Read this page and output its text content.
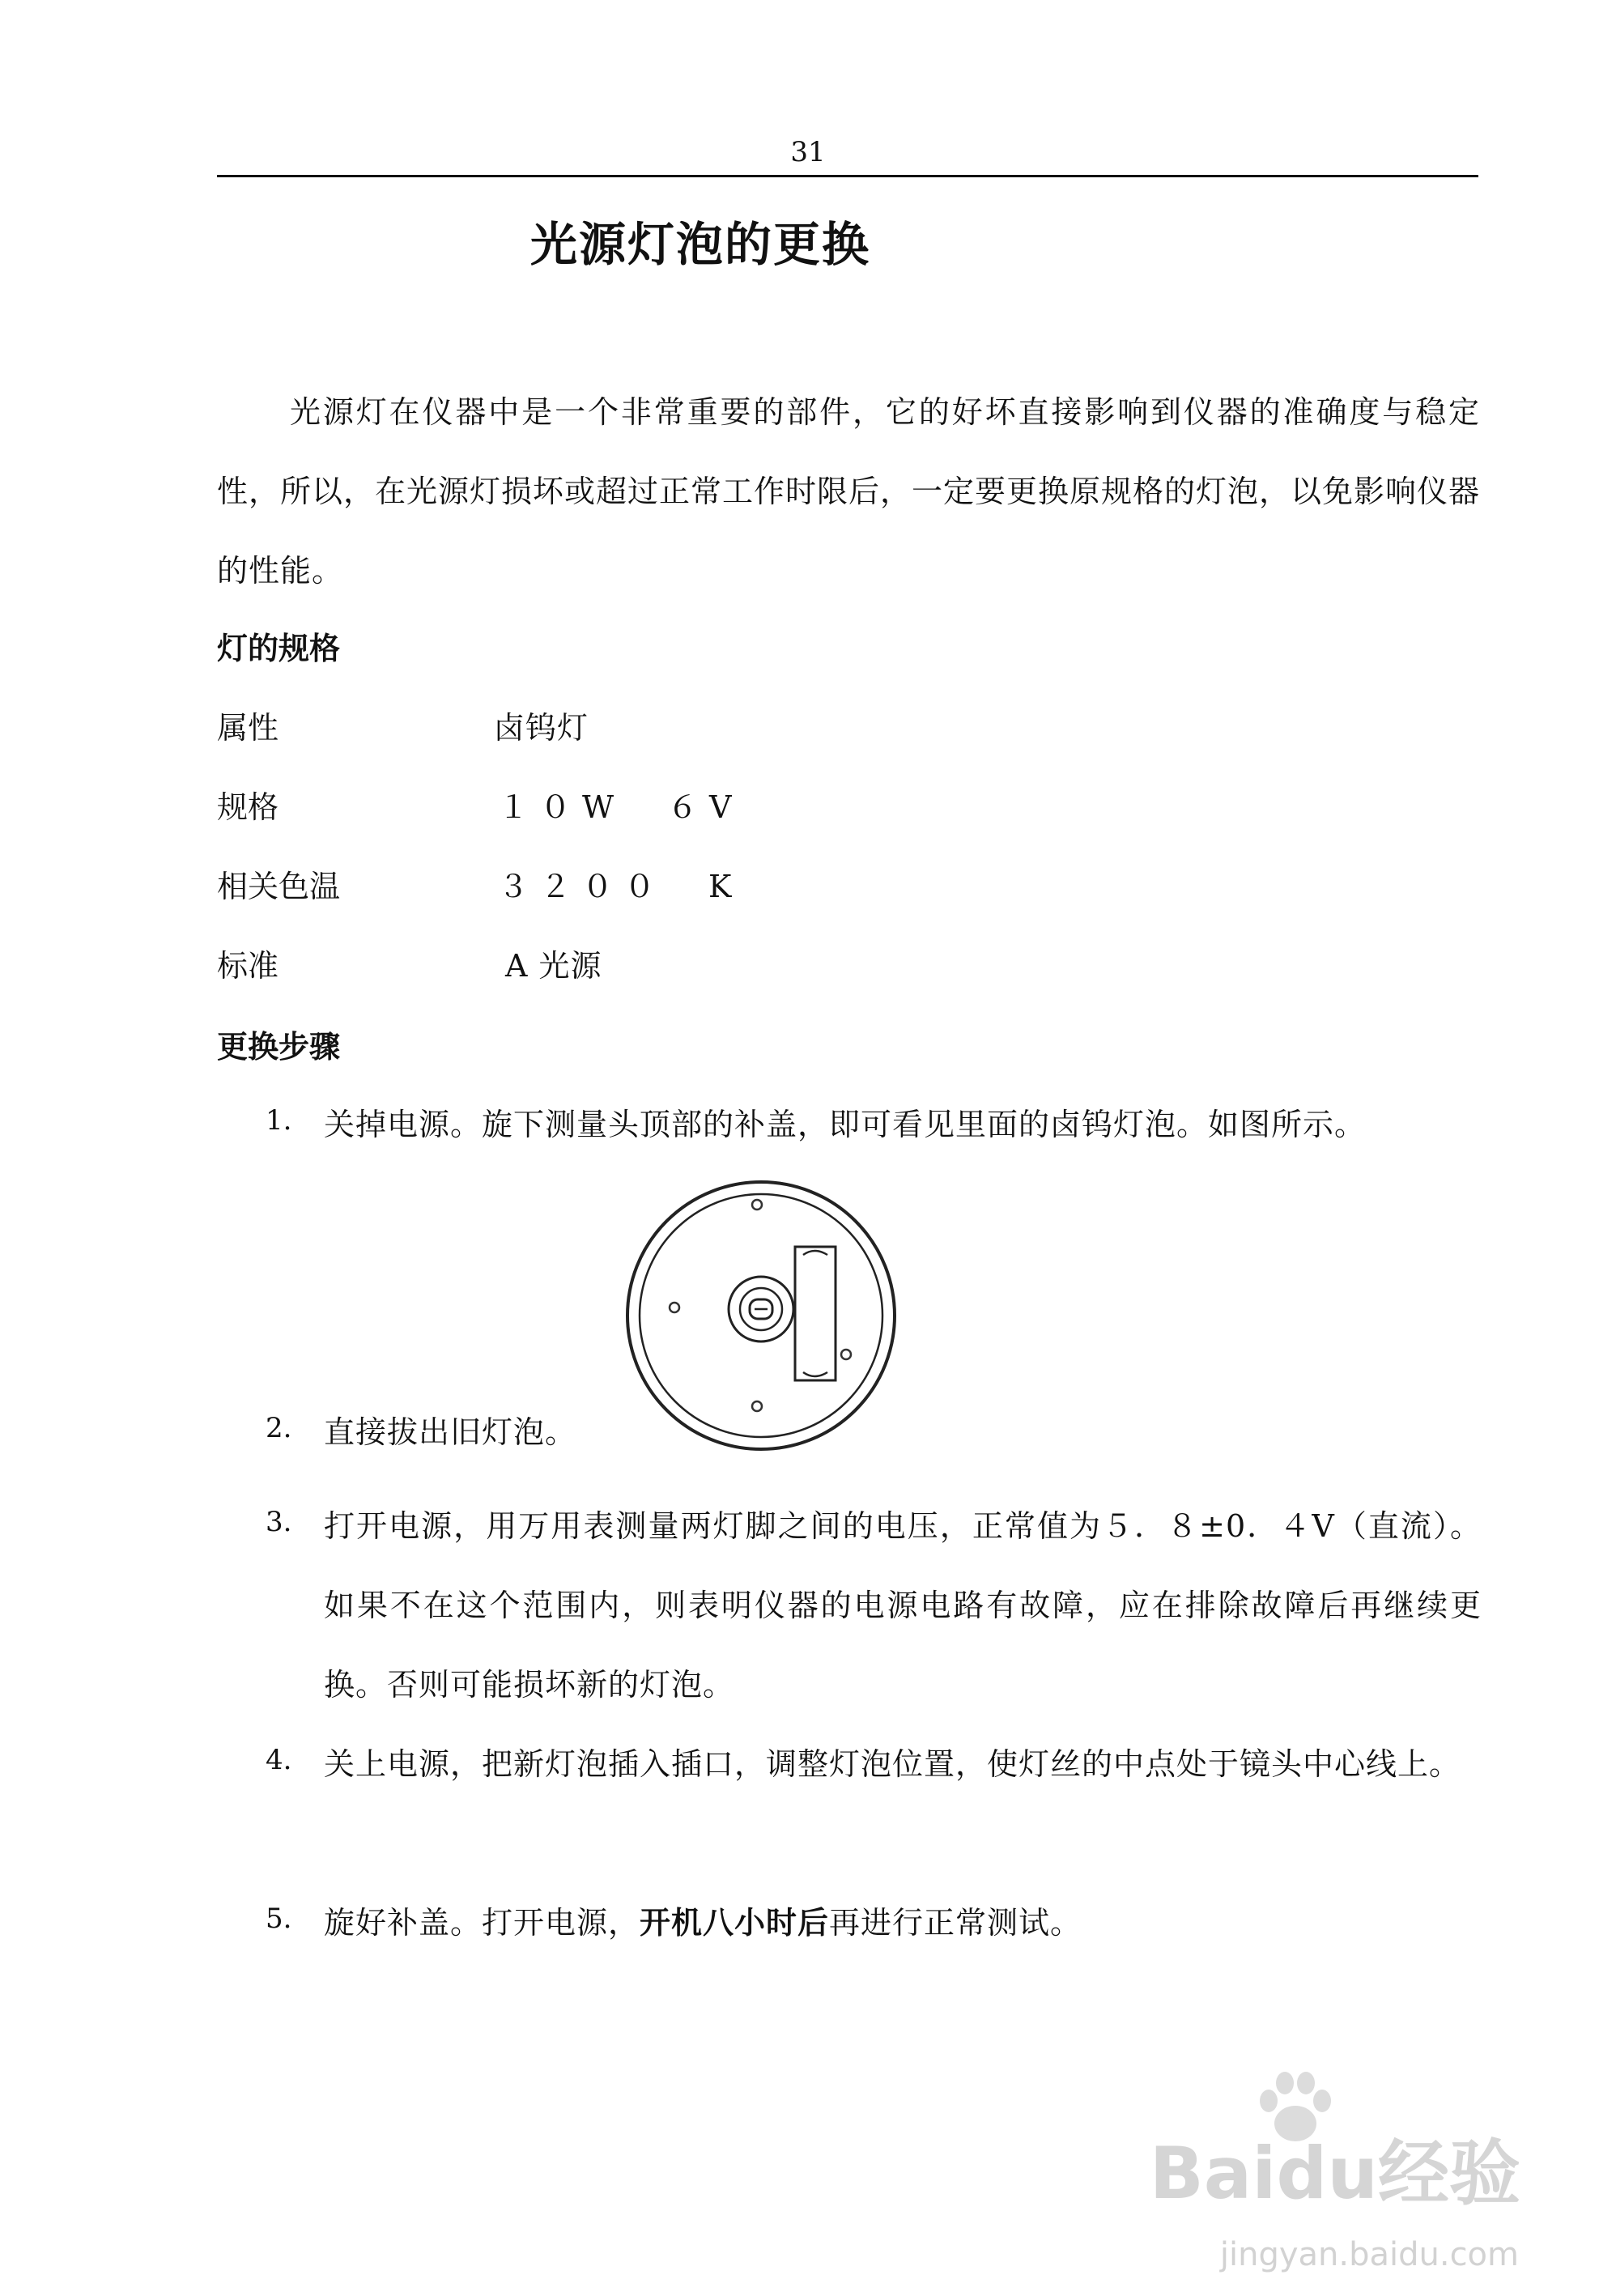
31
光源灯泡的更换
光源灯在仪器中是一个非常重要的部件，它的好坏直接影响到仪器的准确度与稳定性，所以，在光源灯损坏或超过正常工作时限后，一定要更换原规格的灯泡，以免影响仪器的性能。
灯的规格
属性	卤钨灯
规格	１０W　６V
相关色温	３２００　K
标准	A 光源
更换步骤
1. 关掉电源。旋下测量头顶部的补盖，即可看见里面的卤钨灯泡。如图所示。
2. 直接拔出旧灯泡。
3. 打开电源，用万用表测量两灯脚之间的电压，正常值为５．８±0．４V（直流）。如果不在这个范围内，则表明仪器的电源电路有故障，应在排除故障后再继续更换。否则可能损坏新的灯泡。
4. 关上电源，把新灯泡插入插口，调整灯泡位置，使灯丝的中点处于镜头中心线上。
5. 旋好补盖。打开电源，开机八小时后再进行正常测试。
Baidu经验
jingyan.baidu.com
